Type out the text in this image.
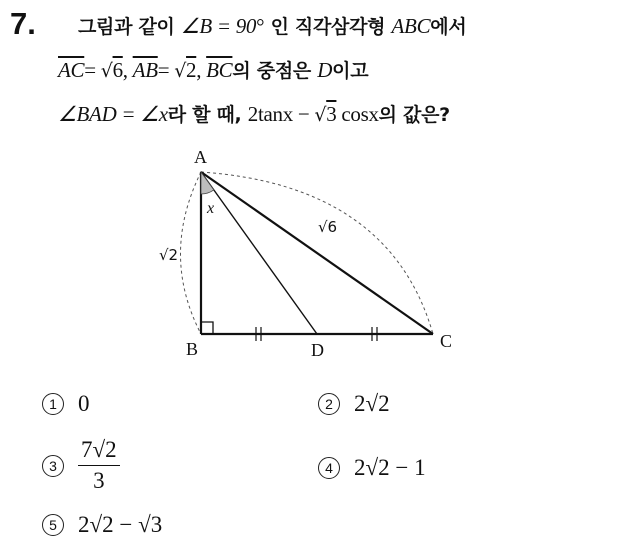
7. 그림과 같이 ∠B = 90° 인 직각삼각형 ABC에서
$\overline{AC}= √6$, $\overline{AB}= √2$, $\overline{BC}$의 중점은 D이고
∠BAD = ∠x라 할 때, 2tanx − √3 cosx의 값은?
A
B	C
D
x
√2
√6
1 0	2 2√2
$3 \frac{7√2}{3}$	4 2√2 − 1
5 2√2 − √3
